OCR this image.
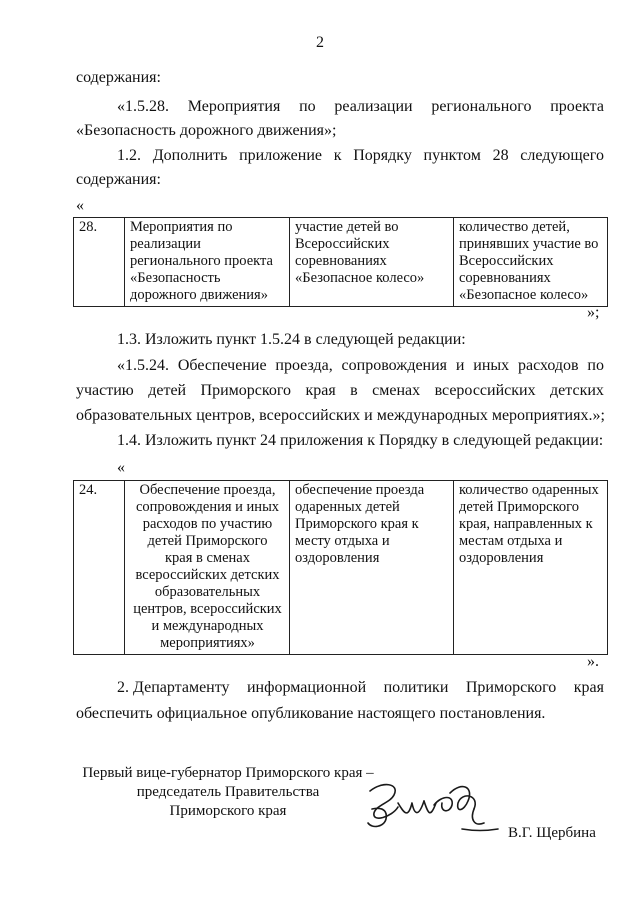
2
содержания:
«1.5.28. Мероприятия по реализации регионального проекта
«Безопасность дорожного движения»;
1.2. Дополнить приложение к Порядку пунктом 28 следующего
содержания:
«
28.	Мероприятия по
реализации
регионального проекта
«Безопасность
дорожного движения»

участие детей во
Всероссийских
соревнованиях
«Безопасное колесо»

количество детей,
принявших участие во
Всероссийских
соревнованиях
«Безопасное колесо»
»;
1.3. Изложить пункт 1.5.24 в следующей редакции:
«1.5.24. Обеспечение проезда, сопровождения и иных расходов по
участию детей Приморского края в сменах всероссийских детских
образовательных центров, всероссийских и международных мероприятиях.»;
1.4. Изложить пункт 24 приложения к Порядку в следующей редакции:
«
24.	Обеспечение проезда,
сопровождения и иных
расходов по участию
детей Приморского
края в сменах
всероссийских детских
образовательных
центров, всероссийских
и международных
мероприятиях»

обеспечение проезда
одаренных детей
Приморского края к
месту отдыха и
оздоровления

количество одаренных
детей Приморского
края, направленных к
местам отдыха и
оздоровления
».
2. Департаменту информационной политики Приморского края
обеспечить официальное опубликование настоящего постановления.
Первый вице-губернатор Приморского края –
председатель Правительства
Приморского края
В.Г. Щербина
